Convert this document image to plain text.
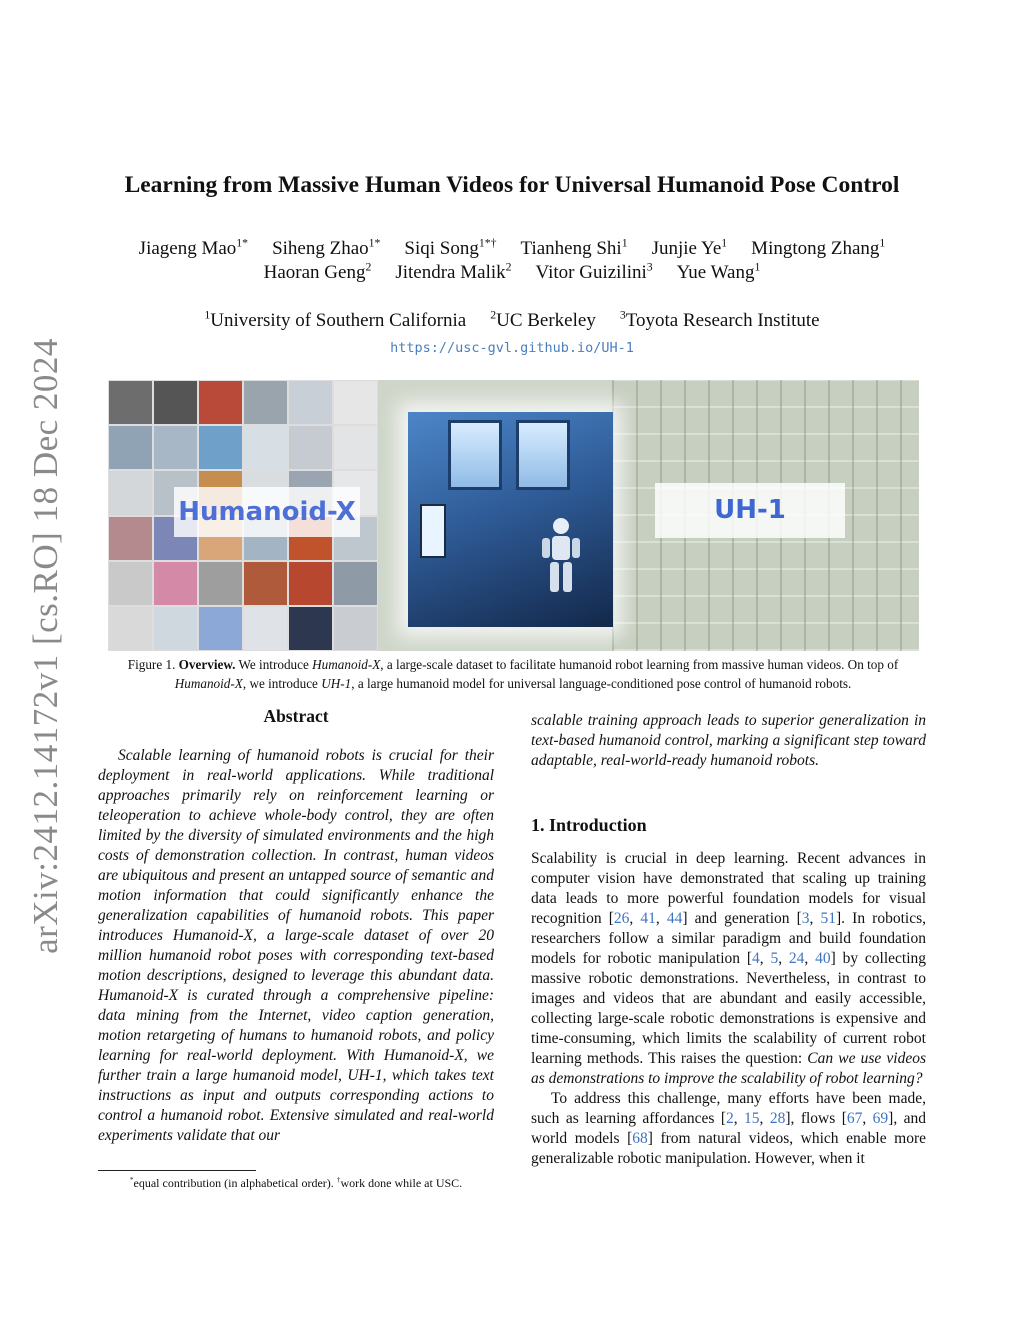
arXiv:2412.14172v1 [cs.RO] 18 Dec 2024
Learning from Massive Human Videos for Universal Humanoid Pose Control
Jiageng Mao$^{1*}$ Siheng Zhao$^{1*}$ Siqi Song$^{1*\dagger}$ Tianheng Shi$^1$ Junjie Ye$^1$ Mingtong Zhang$^1$
Haoran Geng$^2$ Jitendra Malik$^2$ Vitor Guizilini$^3$ Yue Wang$^1$
$^1$University of Southern California $^2$UC Berkeley $^3$Toyota Research Institute
https://usc-gvl.github.io/UH-1
Humanoid-X	UH-1
Figure 1. Overview. We introduce Humanoid-X, a large-scale dataset to facilitate humanoid robot learning from massive human videos. On top of Humanoid-X, we introduce UH-1, a large humanoid model for universal language-conditioned pose control of humanoid robots.
Abstract

Scalable learning of humanoid robots is crucial for their deployment in real-world applications. While traditional approaches primarily rely on reinforcement learning or teleoperation to achieve whole-body control, they are often limited by the diversity of simulated environments and the high costs of demonstration collection. In contrast, human videos are ubiquitous and present an untapped source of semantic and motion information that could significantly enhance the generalization capabilities of humanoid robots. This paper introduces Humanoid-X, a large-scale dataset of over 20 million humanoid robot poses with corresponding text-based motion descriptions, designed to leverage this abundant data. Humanoid-X is curated through a comprehensive pipeline: data mining from the Internet, video caption generation, motion retargeting of humans to humanoid robots, and policy learning for real-world deployment. With Humanoid-X, we further train a large humanoid model, UH-1, which takes text instructions as input and outputs corresponding actions to control a humanoid robot. Extensive simulated and real-world experiments validate that our

*equal contribution (in alphabetical order). †work done while at USC.

scalable training approach leads to superior generalization in text-based humanoid control, marking a significant step toward adaptable, real-world-ready humanoid robots.

1. Introduction

Scalability is crucial in deep learning. Recent advances in computer vision have demonstrated that scaling up training data leads to more powerful foundation models for visual recognition [26, 41, 44] and generation [3, 51]. In robotics, researchers follow a similar paradigm and build foundation models for robotic manipulation [4, 5, 24, 40] by collecting massive robotic demonstrations. Nevertheless, in contrast to images and videos that are abundant and easily accessible, collecting large-scale robotic demonstrations is expensive and time-consuming, which limits the scalability of current robot learning methods. This raises the question: Can we use videos as demonstrations to improve the scalability of robot learning?

To address this challenge, many efforts have been made, such as learning affordances [2, 15, 28], flows [67, 69], and world models [68] from natural videos, which enable more generalizable robotic manipulation. However, when it
